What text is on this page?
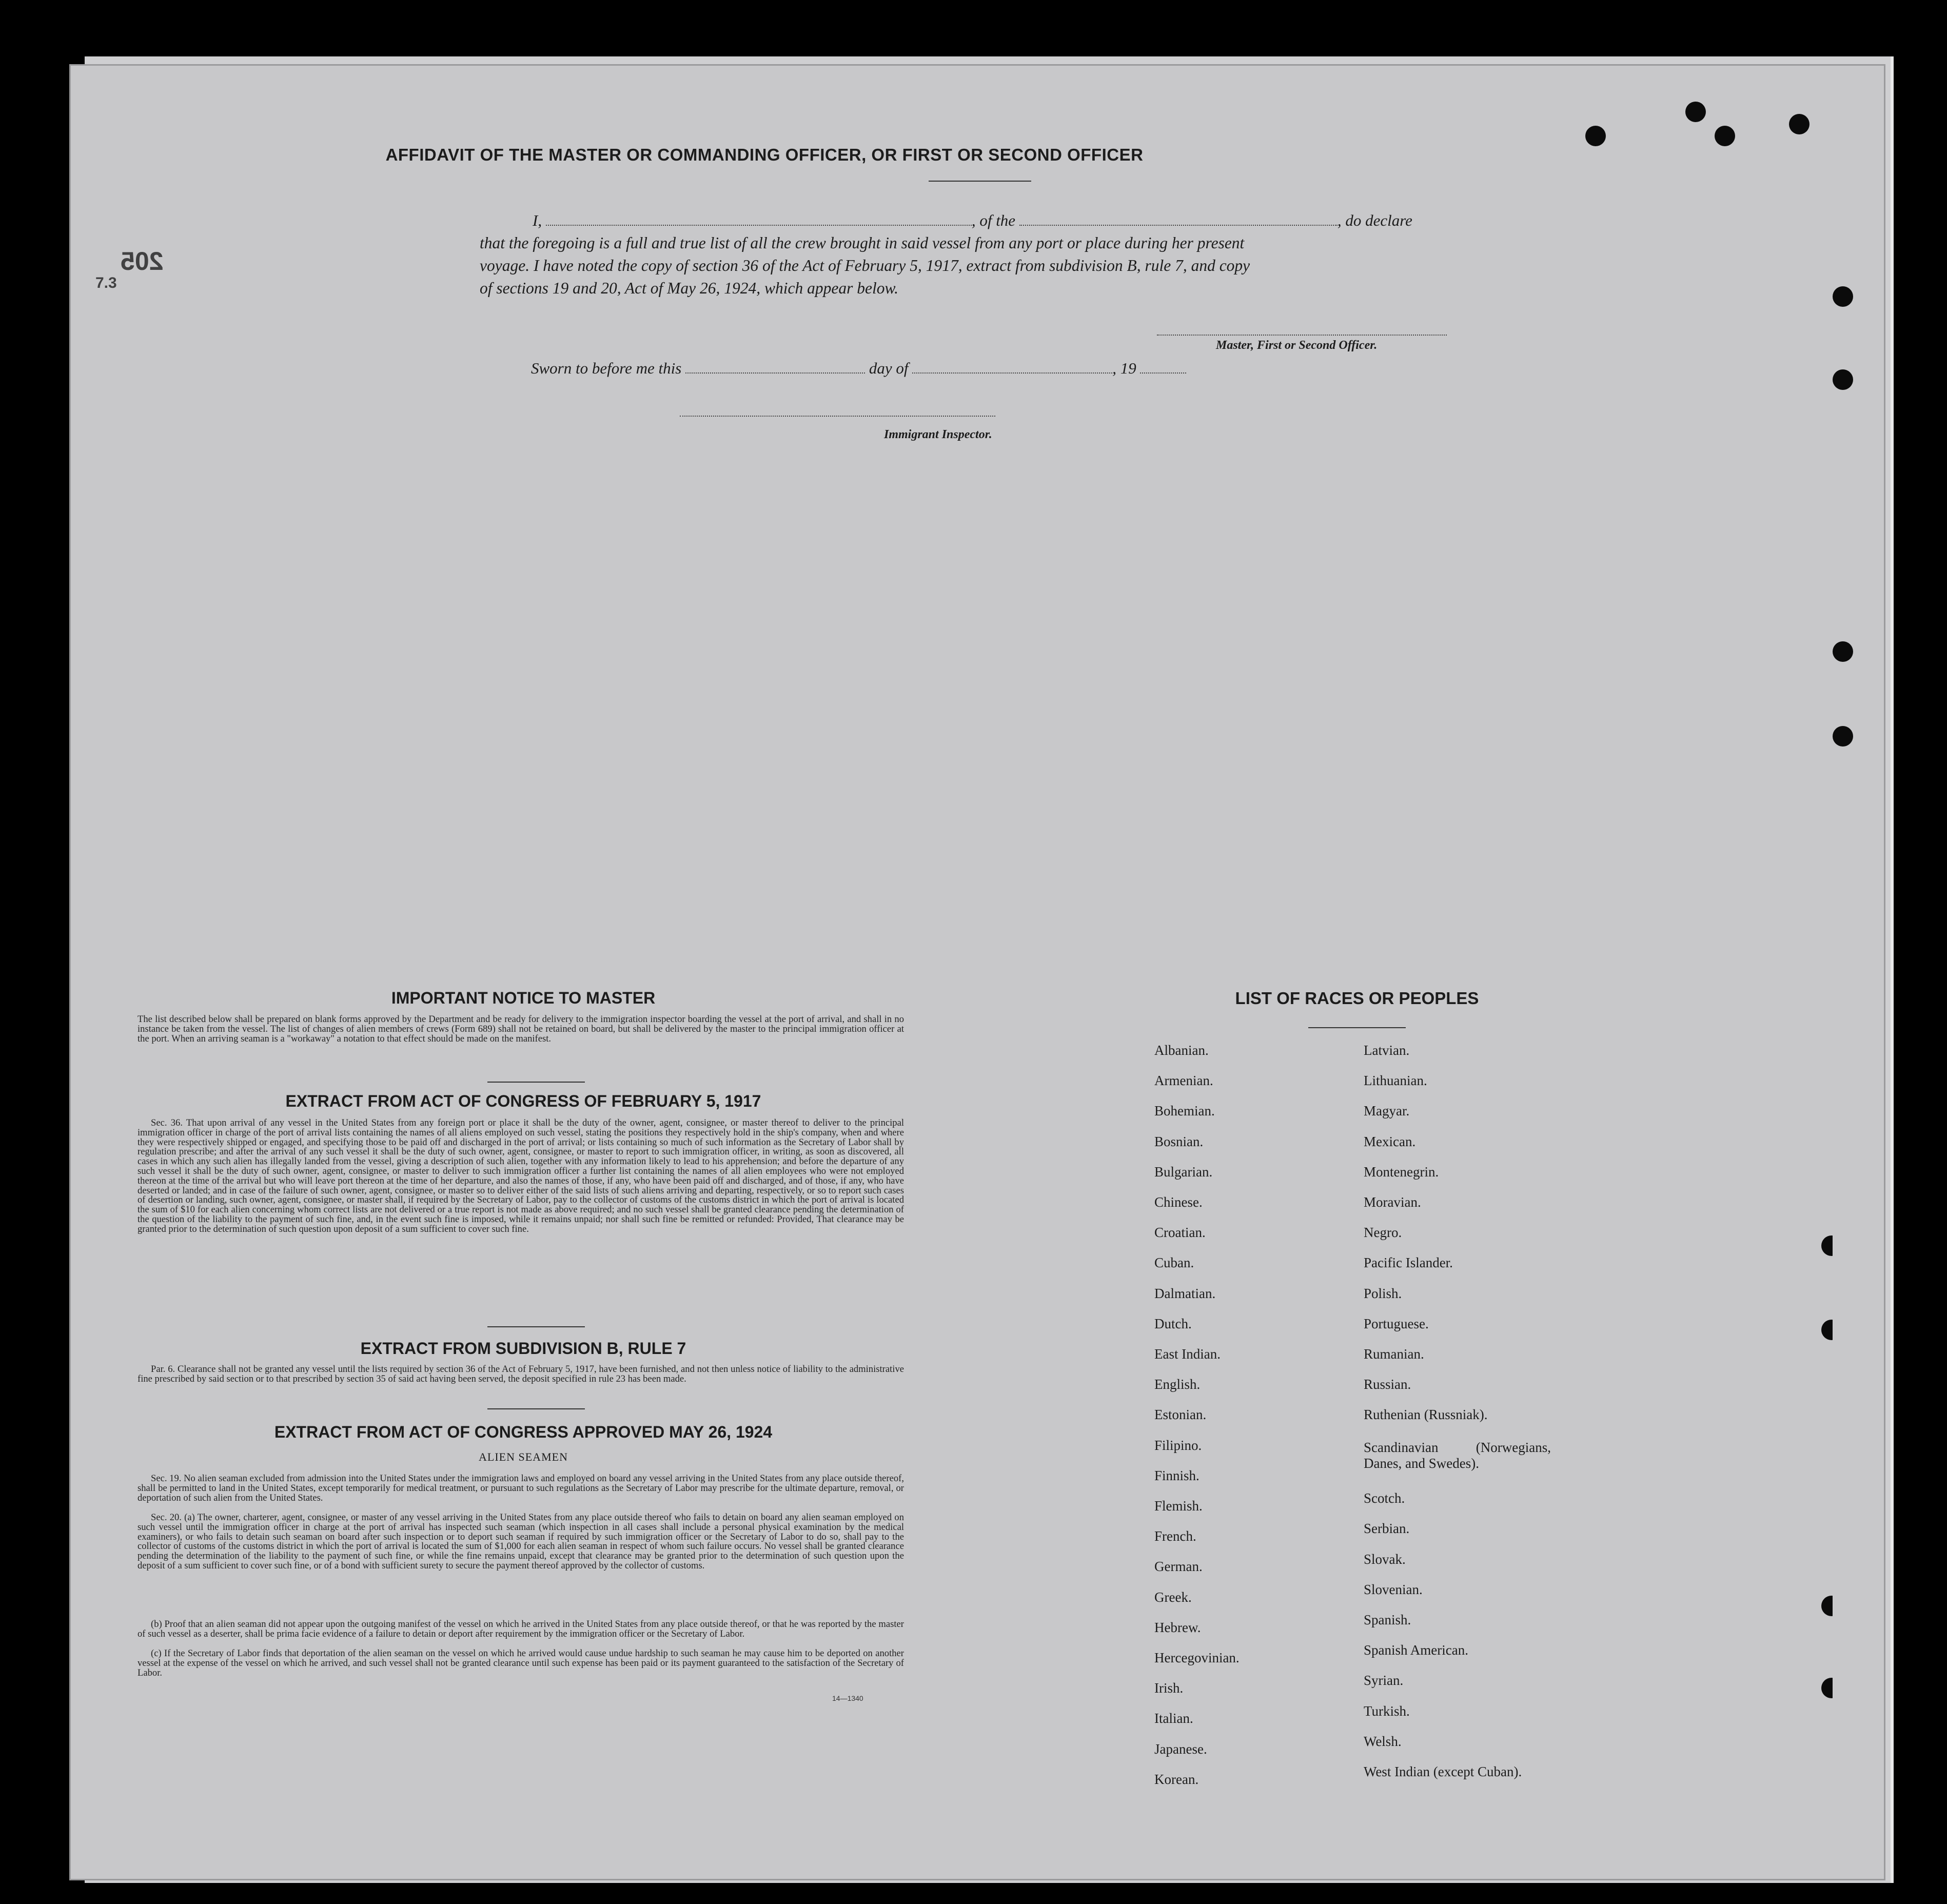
205
7.3
AFFIDAVIT OF THE MASTER OR COMMANDING OFFICER, OR FIRST OR SECOND OFFICER
I,	, of the	, do declare
that the foregoing is a full and true list of all the crew brought in said vessel from any port or place during her present
voyage. I have noted the copy of section 36 of the Act of February 5, 1917, extract from subdivision B, rule 7, and copy
of sections 19 and 20, Act of May 26, 1924, which appear below.
Master, First or Second Officer.
Sworn to before me this	day of	, 19
Immigrant Inspector.
IMPORTANT NOTICE TO MASTER
The list described below shall be prepared on blank forms approved by the Department and be ready for delivery to the immigration inspector boarding the vessel at the port of arrival, and shall in no instance be taken from the vessel. The list of changes of alien members of crews (Form 689) shall not be retained on board, but shall be delivered by the master to the principal immigration officer at the port. When an arriving seaman is a "workaway" a notation to that effect should be made on the manifest.
EXTRACT FROM ACT OF CONGRESS OF FEBRUARY 5, 1917
Sec. 36. That upon arrival of any vessel in the United States from any foreign port or place it shall be the duty of the owner, agent, consignee, or master thereof to deliver to the principal immigration officer in charge of the port of arrival lists containing the names of all aliens employed on such vessel, stating the positions they respectively hold in the ship's company, when and where they were respectively shipped or engaged, and specifying those to be paid off and discharged in the port of arrival; or lists containing so much of such information as the Secretary of Labor shall by regulation prescribe; and after the arrival of any such vessel it shall be the duty of such owner, agent, consignee, or master to report to such immigration officer, in writing, as soon as discovered, all cases in which any such alien has illegally landed from the vessel, giving a description of such alien, together with any information likely to lead to his apprehension; and before the departure of any such vessel it shall be the duty of such owner, agent, consignee, or master to deliver to such immigration officer a further list containing the names of all alien employees who were not employed thereon at the time of the arrival but who will leave port thereon at the time of her departure, and also the names of those, if any, who have been paid off and discharged, and of those, if any, who have deserted or landed; and in case of the failure of such owner, agent, consignee, or master so to deliver either of the said lists of such aliens arriving and departing, respectively, or so to report such cases of desertion or landing, such owner, agent, consignee, or master shall, if required by the Secretary of Labor, pay to the collector of customs of the customs district in which the port of arrival is located the sum of $10 for each alien concerning whom correct lists are not delivered or a true report is not made as above required; and no such vessel shall be granted clearance pending the determination of the question of the liability to the payment of such fine, and, in the event such fine is imposed, while it remains unpaid; nor shall such fine be remitted or refunded: Provided, That clearance may be granted prior to the determination of such question upon deposit of a sum sufficient to cover such fine.
EXTRACT FROM SUBDIVISION B, RULE 7
Par. 6. Clearance shall not be granted any vessel until the lists required by section 36 of the Act of February 5, 1917, have been furnished, and not then unless notice of liability to the administrative fine prescribed by said section or to that prescribed by section 35 of said act having been served, the deposit specified in rule 23 has been made.
EXTRACT FROM ACT OF CONGRESS APPROVED MAY 26, 1924
ALIEN SEAMEN
Sec. 19. No alien seaman excluded from admission into the United States under the immigration laws and employed on board any vessel arriving in the United States from any place outside thereof, shall be permitted to land in the United States, except temporarily for medical treatment, or pursuant to such regulations as the Secretary of Labor may prescribe for the ultimate departure, removal, or deportation of such alien from the United States.
Sec. 20. (a) The owner, charterer, agent, consignee, or master of any vessel arriving in the United States from any place outside thereof who fails to detain on board any alien seaman employed on such vessel until the immigration officer in charge at the port of arrival has inspected such seaman (which inspection in all cases shall include a personal physical examination by the medical examiners), or who fails to detain such seaman on board after such inspection or to deport such seaman if required by such immigration officer or the Secretary of Labor to do so, shall pay to the collector of customs of the customs district in which the port of arrival is located the sum of $1,000 for each alien seaman in respect of whom such failure occurs. No vessel shall be granted clearance pending the determination of the liability to the payment of such fine, or while the fine remains unpaid, except that clearance may be granted prior to the determination of such question upon the deposit of a sum sufficient to cover such fine, or of a bond with sufficient surety to secure the payment thereof approved by the collector of customs.
(b) Proof that an alien seaman did not appear upon the outgoing manifest of the vessel on which he arrived in the United States from any place outside thereof, or that he was reported by the master of such vessel as a deserter, shall be prima facie evidence of a failure to detain or deport after requirement by the immigration officer or the Secretary of Labor.
(c) If the Secretary of Labor finds that deportation of the alien seaman on the vessel on which he arrived would cause undue hardship to such seaman he may cause him to be deported on another vessel at the expense of the vessel on which he arrived, and such vessel shall not be granted clearance until such expense has been paid or its payment guaranteed to the satisfaction of the Secretary of Labor.
14—1340
LIST OF RACES OR PEOPLES
Albanian.
Armenian.
Bohemian.
Bosnian.
Bulgarian.
Chinese.
Croatian.
Cuban.
Dalmatian.
Dutch.
East Indian.
English.
Estonian.
Filipino.
Finnish.
Flemish.
French.
German.
Greek.
Hebrew.
Hercegovinian.
Irish.
Italian.
Japanese.
Korean.
Latvian.
Lithuanian.
Magyar.
Mexican.
Montenegrin.
Moravian.
Negro.
Pacific Islander.
Polish.
Portuguese.
Rumanian.
Russian.
Ruthenian (Russniak).
Scandinavian (Norwegians, Danes, and Swedes).
Scotch.
Serbian.
Slovak.
Slovenian.
Spanish.
Spanish American.
Syrian.
Turkish.
Welsh.
West Indian (except Cuban).
